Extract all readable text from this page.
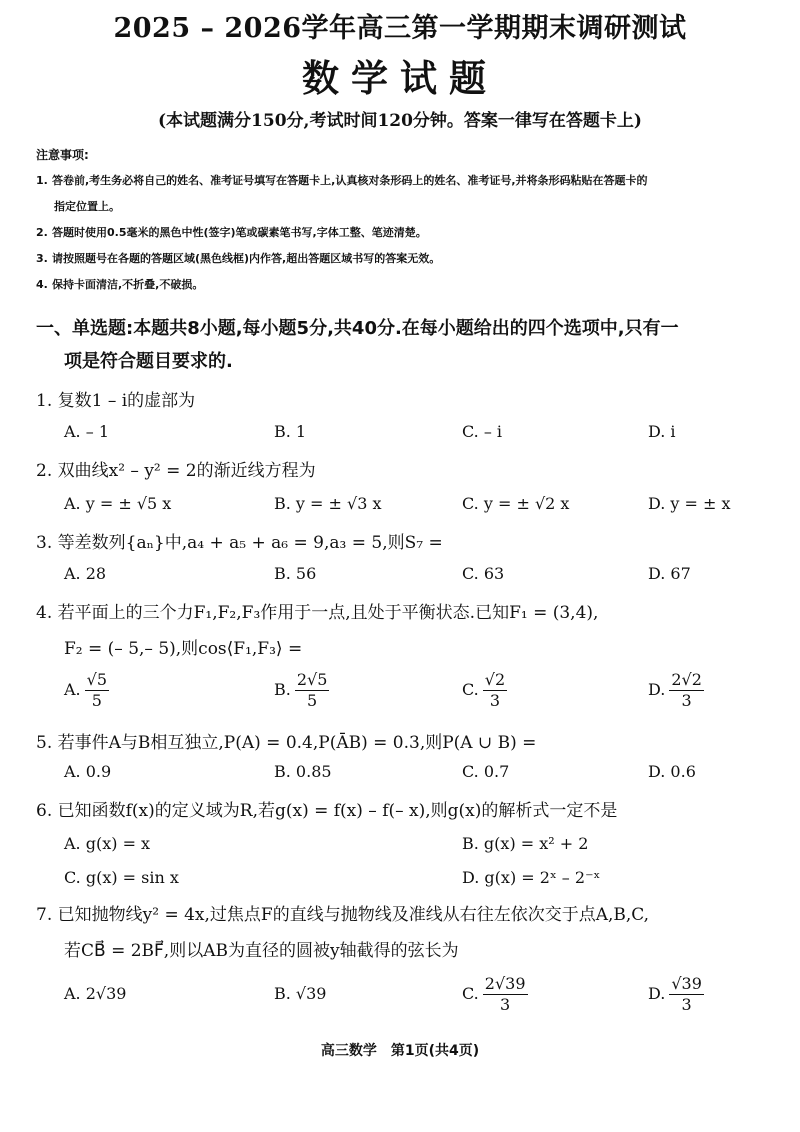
2025 – 2026学年高三第一学期期末调研测试
数学试题
(本试题满分150分,考试时间120分钟。答案一律写在答题卡上)
注意事项:
1. 答卷前,考生务必将自己的姓名、准考证号填写在答题卡上,认真核对条形码上的姓名、准考证号,并将条形码粘贴在答题卡的
指定位置上。
2. 答题时使用0.5毫米的黑色中性(签字)笔或碳素笔书写,字体工整、笔迹清楚。
3. 请按照题号在各题的答题区域(黑色线框)内作答,超出答题区域书写的答案无效。
4. 保持卡面清洁,不折叠,不破损。
一、单选题:本题共8小题,每小题5分,共40分.在每小题给出的四个选项中,只有一
项是符合题目要求的.
1. 复数1 – i的虚部为
A. – 1	B. 1	C. – i	D. i
2. 双曲线x² – y² = 2的渐近线方程为
A. y = ± √5 x	B. y = ± √3 x	C. y = ± √2 x	D. y = ± x
3. 等差数列{aₙ}中,a₄ + a₅ + a₆ = 9,a₃ = 5,则S₇ =
A. 28	B. 56	C. 63	D. 67
4. 若平面上的三个力F₁,F₂,F₃作用于一点,且处于平衡状态.已知F₁ = (3,4),
F₂ = (– 5,– 5),则cos⟨F₁,F₃⟩ =
A. $\frac{√5}{5}$	B. $\frac{2√5}{5}$	C. $\frac{√2}{3}$	D. $\frac{2√2}{3}$
5. 若事件A与B相互独立,P(A) = 0.4,P(ĀB) = 0.3,则P(A ∪ B) =
A. 0.9	B. 0.85	C. 0.7	D. 0.6
6. 已知函数f(x)的定义域为R,若g(x) = f(x) – f(– x),则g(x)的解析式一定不是
A. g(x) = x	B. g(x) = x² + 2
C. g(x) = sin x	D. g(x) = 2ˣ – 2⁻ˣ
7. 已知抛物线y² = 4x,过焦点F的直线与抛物线及准线从右往左依次交于点A,B,C,
若CB⃗ = 2BF⃗,则以AB为直径的圆被y轴截得的弦长为
A. 2√39	B. √39	C. $\frac{2√39}{3}$	D. $\frac{√39}{3}$
高三数学　第1页(共4页)
